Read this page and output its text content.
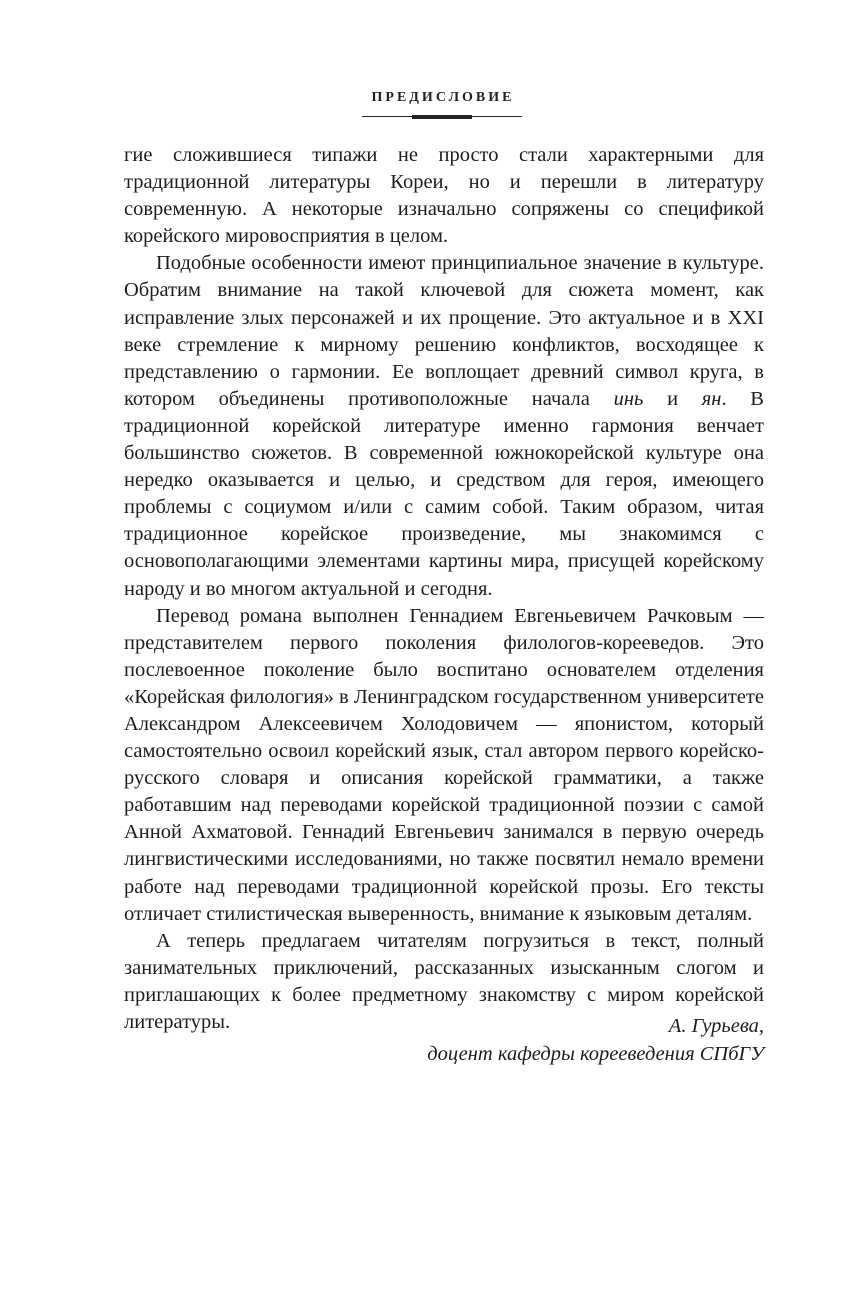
ПРЕДИСЛОВИЕ

гие сложившиеся типажи не просто стали характерными для традиционной литературы Кореи, но и перешли в литературу современную. А некоторые изначально сопряжены со спецификой корейского мировосприятия в целом.

Подобные особенности имеют принципиальное значение в культуре. Обратим внимание на такой ключевой для сюжета момент, как исправление злых персонажей и их прощение. Это актуальное и в XXI веке стремление к мирному решению конфликтов, восходящее к представлению о гармонии. Ее воплощает древний символ круга, в котором объединены противоположные начала инь и ян. В традиционной корейской литературе именно гармония венчает большинство сюжетов. В современной южнокорейской культуре она нередко оказывается и целью, и средством для героя, имеющего проблемы с социумом и/или с самим собой. Таким образом, читая традиционное корейское произведение, мы знакомимся с основополагающими элементами картины мира, присущей корейскому народу и во многом актуальной и сегодня.

Перевод романа выполнен Геннадием Евгеньевичем Рачковым — представителем первого поколения филологов-корееведов. Это послевоенное поколение было воспитано основателем отделения «Корейская филология» в Ленинградском государственном университете Александром Алексеевичем Холодовичем — японистом, который самостоятельно освоил корейский язык, стал автором первого корейско-русского словаря и описания корейской грамматики, а также работавшим над переводами корейской традиционной поэзии с самой Анной Ахматовой. Геннадий Евгеньевич занимался в первую очередь лингвистическими исследованиями, но также посвятил немало времени работе над переводами традиционной корейской прозы. Его тексты отличает стилистическая выверенность, внимание к языковым деталям.

А теперь предлагаем читателям погрузиться в текст, полный занимательных приключений, рассказанных изысканным слогом и приглашающих к более предметному знакомству с миром корейской литературы.	А. Гурьева,
доцент кафедры корееведения СПбГУ
